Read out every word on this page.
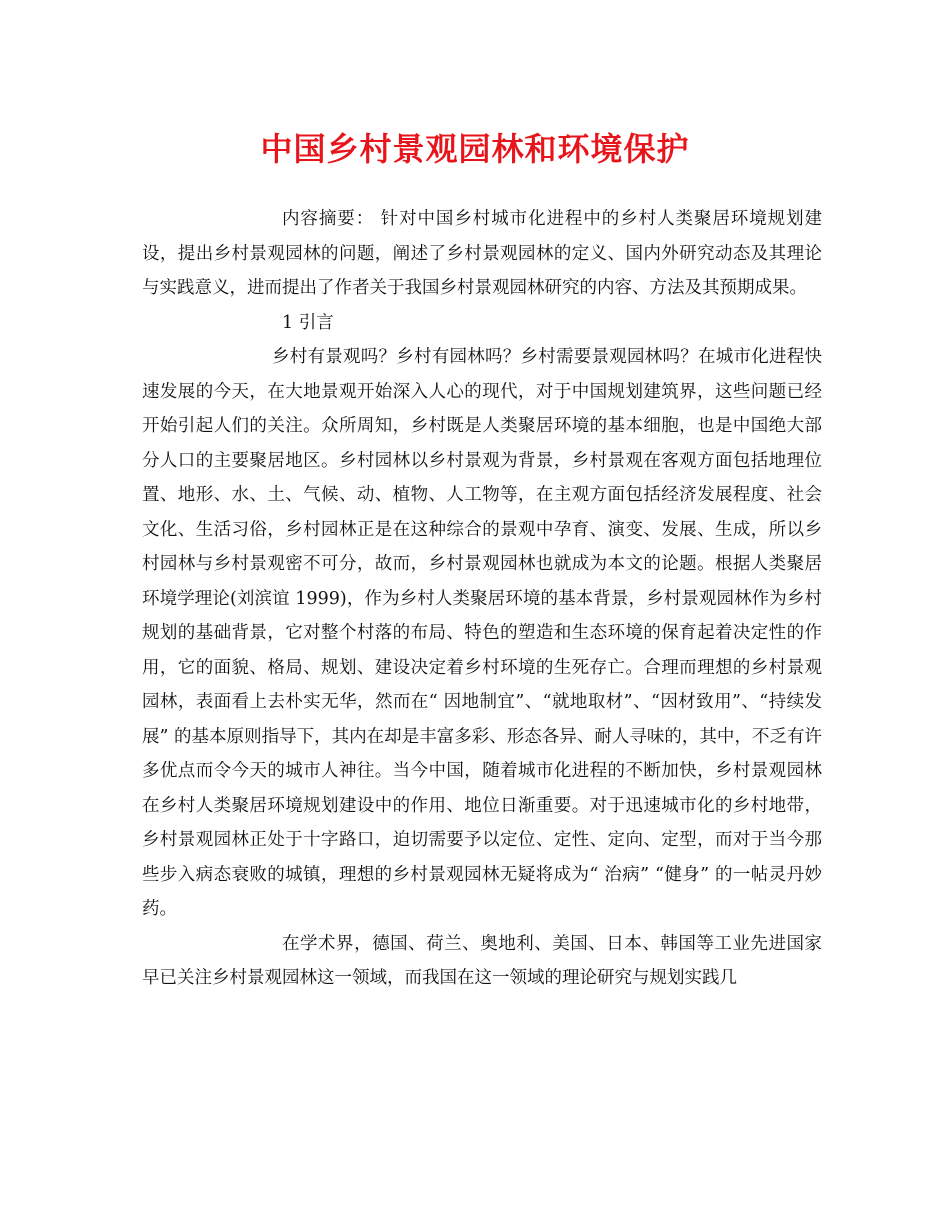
中国乡村景观园林和环境保护

内容摘要： 针对中国乡村城市化进程中的乡村人类聚居环境规划建设，提出乡村景观园林的问题，阐述了乡村景观园林的定义、国内外研究动态及其理论与实践意义，进而提出了作者关于我国乡村景观园林研究的内容、方法及其预期成果。

1 引言

乡村有景观吗？乡村有园林吗？乡村需要景观园林吗？在城市化进程快速发展的今天，在大地景观开始深入人心的现代，对于中国规划建筑界，这些问题已经开始引起人们的关注。众所周知，乡村既是人类聚居环境的基本细胞，也是中国绝大部分人口的主要聚居地区。乡村园林以乡村景观为背景，乡村景观在客观方面包括地理位置、地形、水、土、气候、动、植物、人工物等，在主观方面包括经济发展程度、社会文化、生活习俗，乡村园林正是在这种综合的景观中孕育、演变、发展、生成，所以乡村园林与乡村景观密不可分，故而，乡村景观园林也就成为本文的论题。根据人类聚居环境学理论(刘滨谊 1999)，作为乡村人类聚居环境的基本背景，乡村景观园林作为乡村规划的基础背景，它对整个村落的布局、特色的塑造和生态环境的保育起着决定性的作用，它的面貌、格局、规划、建设决定着乡村环境的生死存亡。合理而理想的乡村景观园林，表面看上去朴实无华，然而在“ 因地制宜”、“就地取材”、“因材致用”、“持续发展” 的基本原则指导下，其内在却是丰富多彩、形态各异、耐人寻味的，其中，不乏有许多优点而令今天的城市人神往。当今中国，随着城市化进程的不断加快，乡村景观园林在乡村人类聚居环境规划建设中的作用、地位日渐重要。对于迅速城市化的乡村地带，乡村景观园林正处于十字路口，迫切需要予以定位、定性、定向、定型，而对于当今那些步入病态衰败的城镇，理想的乡村景观园林无疑将成为“ 治病” “健身” 的一帖灵丹妙药。

在学术界，德国、荷兰、奥地利、美国、日本、韩国等工业先进国家早已关注乡村景观园林这一领域，而我国在这一领域的理论研究与规划实践几
